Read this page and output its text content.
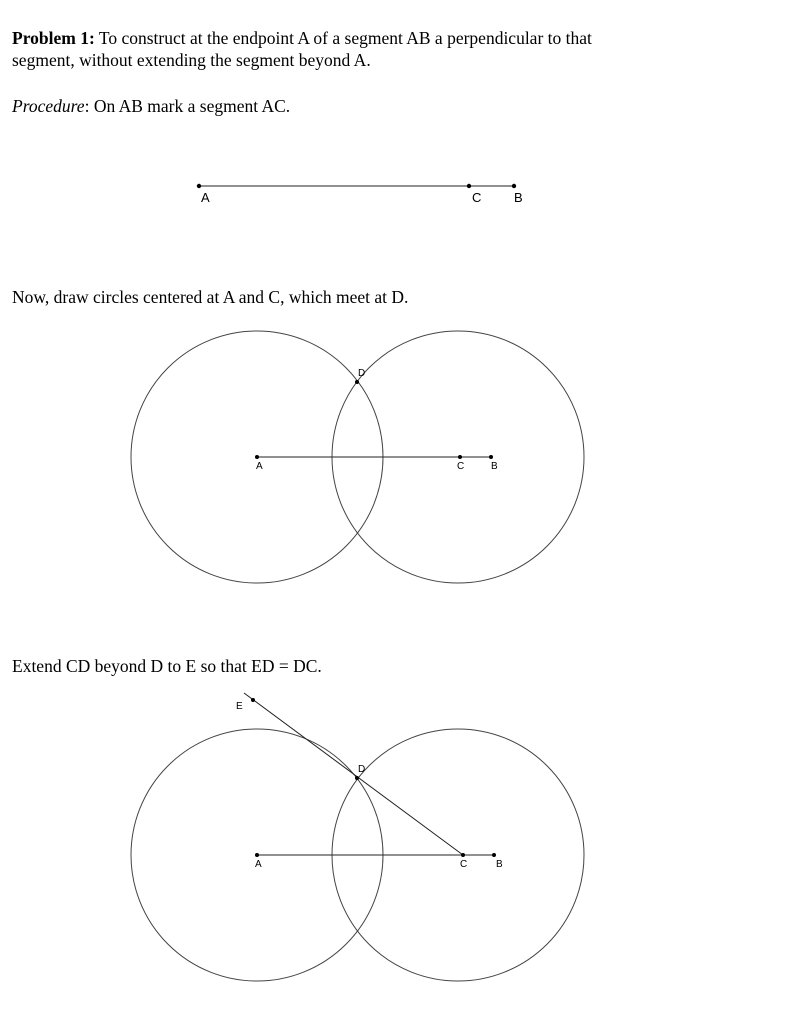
Problem 1: To construct at the endpoint A of a segment AB a perpendicular to that
segment, without extending the segment beyond A.

Procedure: On AB mark a segment AC.

A	C	B

Now, draw circles centered at A and C, which meet at D.

A	C	B
D

Extend CD beyond D to E so that ED = DC.

A	C	B
D
E
